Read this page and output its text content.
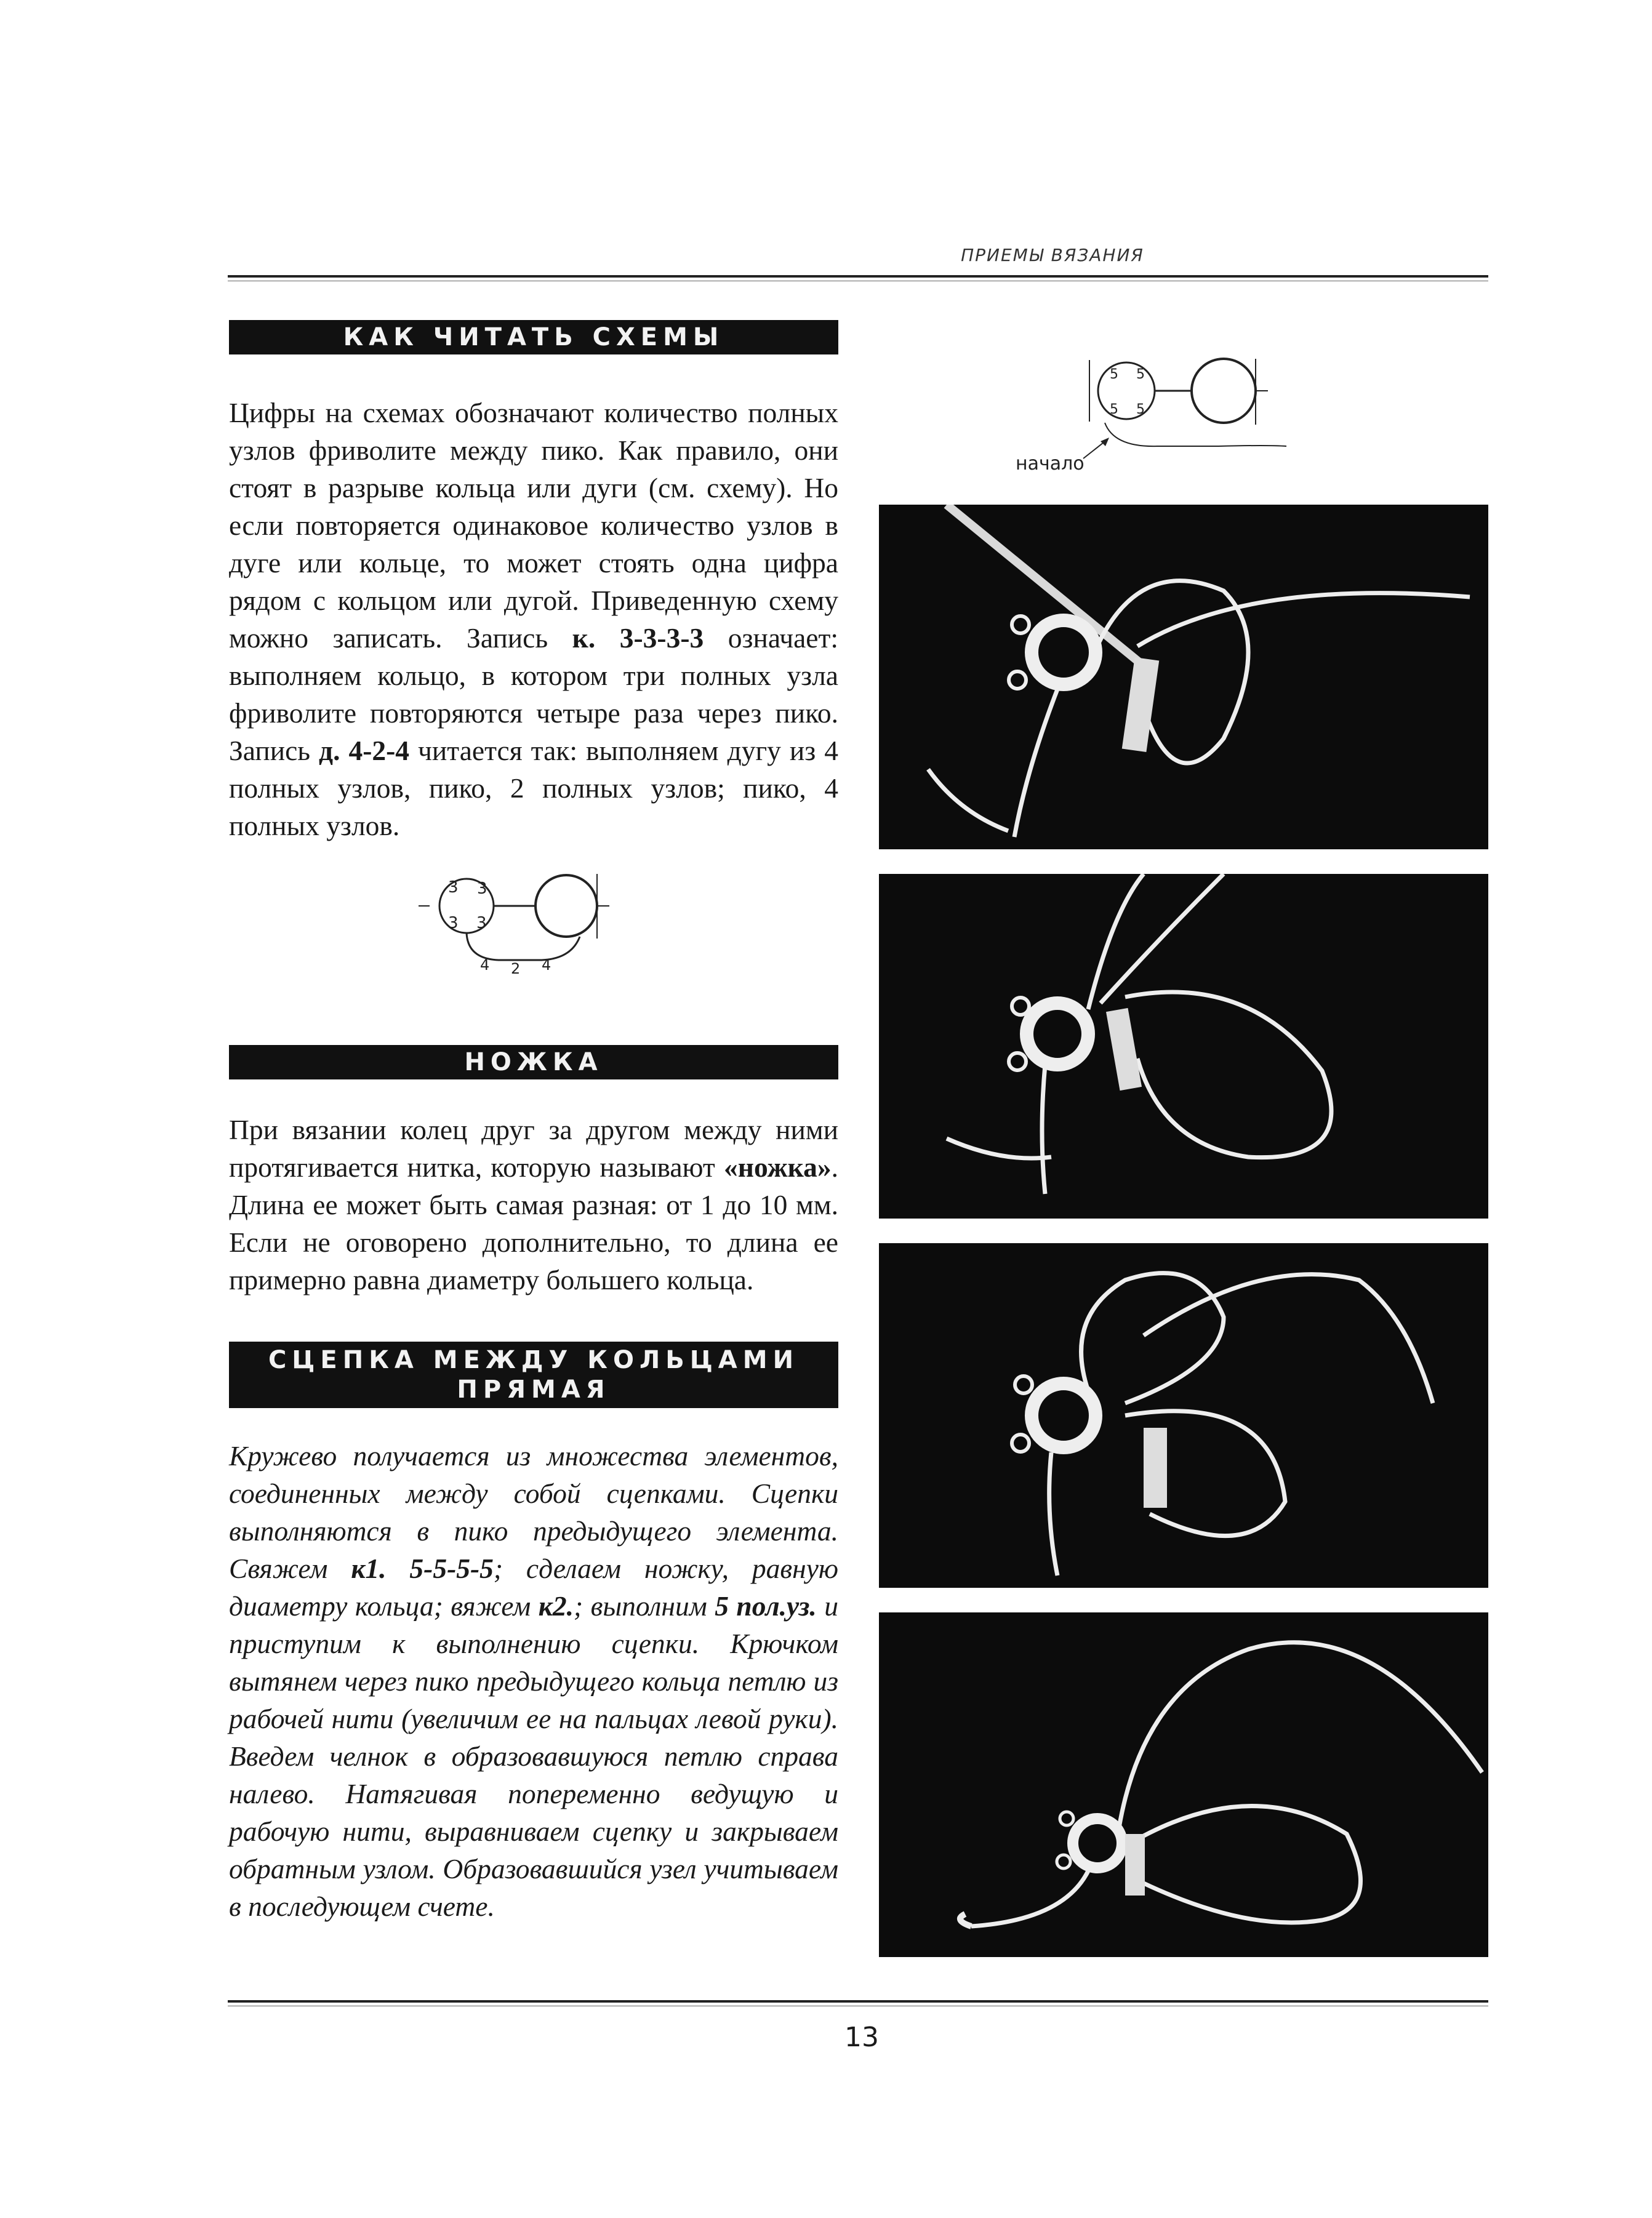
ПРИЕМЫ ВЯЗАНИЯ
КАК ЧИТАТЬ СХЕМЫ

Цифры на схемах обозначают количество полных узлов фриволите между пико. Как правило, они стоят в разрыве кольца или дуги (см. схему). Но если повторяется одинаковое количество узлов в дуге или кольце, то может стоять одна цифра рядом с кольцом или дугой. Приведенную схему можно записать. Запись к. 3-3-3-3 означает: выполняем кольцо, в котором три полных узла фриволите повторяются четыре раза через пико. Запись д. 4-2-4 читается так: выполняем дугу из 4 полных узлов, пико, 2 полных узлов; пико, 4 полных узлов.

3 3
3 3
4 2 4
НОЖКА

При вязании колец друг за другом между ними протягивается нитка, которую называют «ножка». Длина ее может быть самая разная: от 1 до 10 мм. Если не оговорено дополнительно, то длина ее примерно равна диаметру большего кольца.

СЦЕПКА МЕЖДУ КОЛЬЦАМИ
ПРЯМАЯ

Кружево получается из множества элементов, соединенных между собой сцепками. Сцепки выполняются в пико предыдущего элемента. Свяжем к1. 5-5-5-5; сделаем ножку, равную диаметру кольца; вяжем к2.; выполним 5 пол.уз. и приступим к выполнению сцепки. Крючком вытянем через пико предыдущего кольца петлю из рабочей нити (увеличим ее на пальцах левой руки). Введем челнок в образовавшуюся петлю справа налево. Натягивая попеременно ведущую и рабочую нити, выравниваем сцепку и закрываем обратным узлом. Образовавшийся узел учитываем в последующем счете.

5 5
5 5
начало
13
